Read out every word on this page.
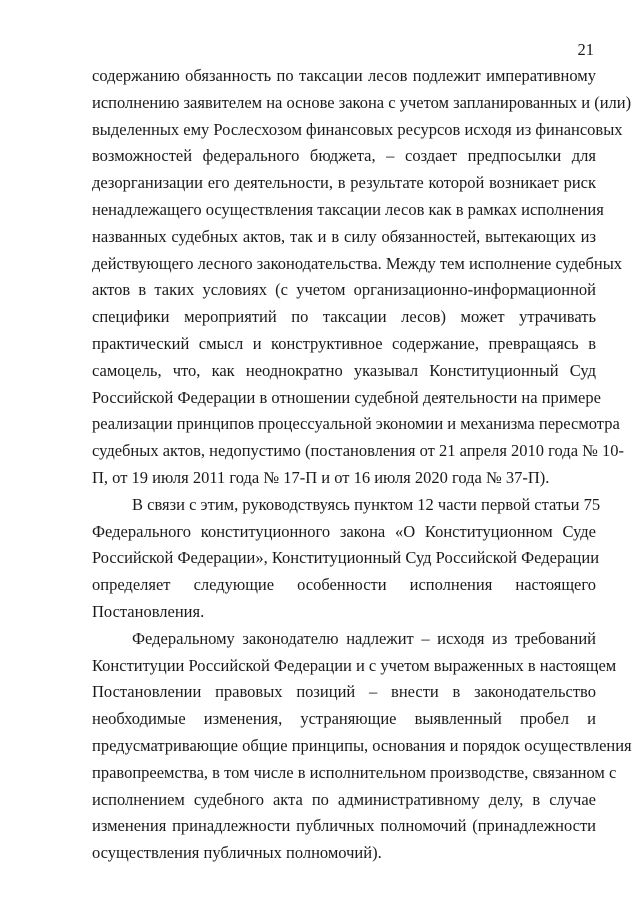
21
содержанию обязанность по таксации лесов подлежит императивному
исполнению заявителем на основе закона с учетом запланированных и (или)
выделенных ему Рослесхозом финансовых ресурсов исходя из финансовых
возможностей федерального бюджета, – создает предпосылки для
дезорганизации его деятельности, в результате которой возникает риск
ненадлежащего осуществления таксации лесов как в рамках исполнения
названных судебных актов, так и в силу обязанностей, вытекающих из
действующего лесного законодательства. Между тем исполнение судебных
актов в таких условиях (с учетом организационно-информационной
специфики мероприятий по таксации лесов) может утрачивать
практический смысл и конструктивное содержание, превращаясь в
самоцель, что, как неоднократно указывал Конституционный Суд
Российской Федерации в отношении судебной деятельности на примере
реализации принципов процессуальной экономии и механизма пересмотра
судебных актов, недопустимо (постановления от 21 апреля 2010 года № 10-
П, от 19 июля 2011 года № 17-П и от 16 июля 2020 года № 37-П).
В связи с этим, руководствуясь пунктом 12 части первой статьи 75
Федерального конституционного закона «О Конституционном Суде
Российской Федерации», Конституционный Суд Российской Федерации
определяет следующие особенности исполнения настоящего
Постановления.
Федеральному законодателю надлежит – исходя из требований
Конституции Российской Федерации и с учетом выраженных в настоящем
Постановлении правовых позиций – внести в законодательство
необходимые изменения, устраняющие выявленный пробел и
предусматривающие общие принципы, основания и порядок осуществления
правопреемства, в том числе в исполнительном производстве, связанном с
исполнением судебного акта по административному делу, в случае
изменения принадлежности публичных полномочий (принадлежности
осуществления публичных полномочий).
